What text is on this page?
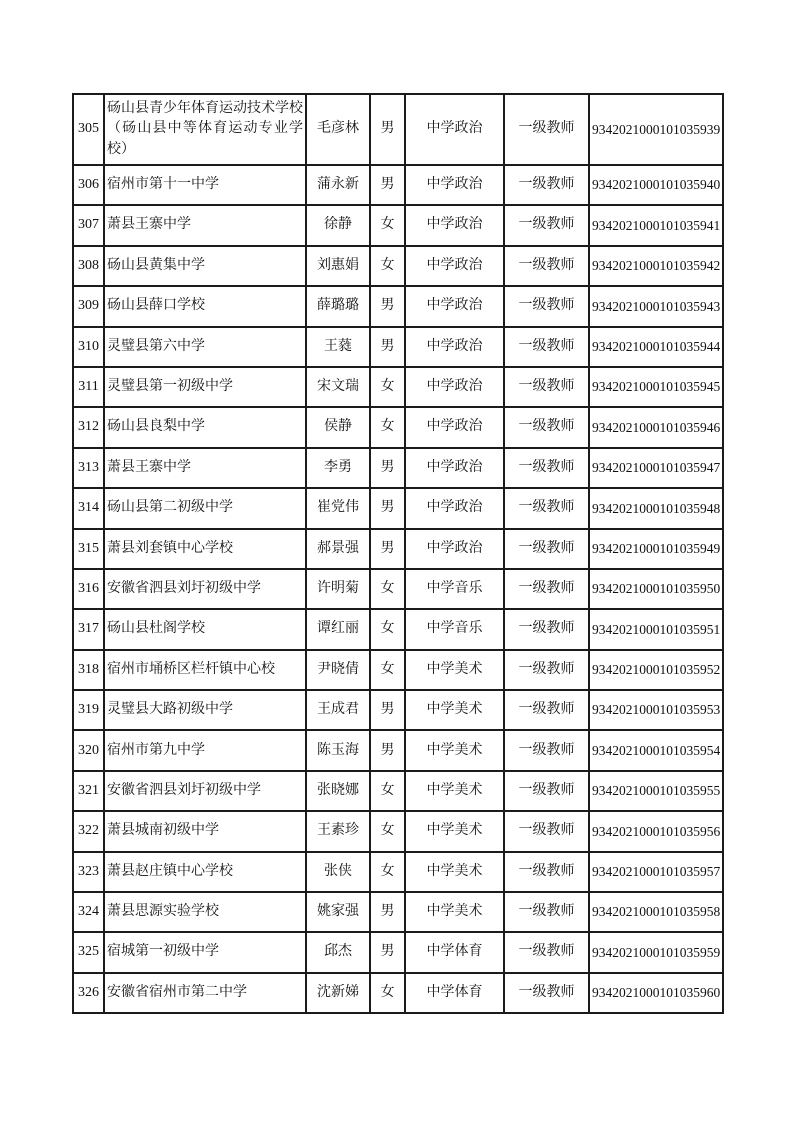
305	砀山县青少年体育运动技术学校（砀山县中等体育运动专业学校）	毛彦林	男	中学政治	一级教师	9342021000101035939
306	宿州市第十一中学	蒲永新	男	中学政治	一级教师	9342021000101035940
307	萧县王寨中学	徐静	女	中学政治	一级教师	9342021000101035941
308	砀山县黄集中学	刘惠娟	女	中学政治	一级教师	9342021000101035942
309	砀山县薛口学校	薛璐璐	男	中学政治	一级教师	9342021000101035943
310	灵璧县第六中学	王蕤	男	中学政治	一级教师	9342021000101035944
311	灵璧县第一初级中学	宋文瑞	女	中学政治	一级教师	9342021000101035945
312	砀山县良梨中学	侯静	女	中学政治	一级教师	9342021000101035946
313	萧县王寨中学	李勇	男	中学政治	一级教师	9342021000101035947
314	砀山县第二初级中学	崔党伟	男	中学政治	一级教师	9342021000101035948
315	萧县刘套镇中心学校	郝景强	男	中学政治	一级教师	9342021000101035949
316	安徽省泗县刘圩初级中学	许明菊	女	中学音乐	一级教师	9342021000101035950
317	砀山县杜阁学校	谭红丽	女	中学音乐	一级教师	9342021000101035951
318	宿州市埇桥区栏杆镇中心校	尹晓倩	女	中学美术	一级教师	9342021000101035952
319	灵璧县大路初级中学	王成君	男	中学美术	一级教师	9342021000101035953
320	宿州市第九中学	陈玉海	男	中学美术	一级教师	9342021000101035954
321	安徽省泗县刘圩初级中学	张晓娜	女	中学美术	一级教师	9342021000101035955
322	萧县城南初级中学	王素珍	女	中学美术	一级教师	9342021000101035956
323	萧县赵庄镇中心学校	张侠	女	中学美术	一级教师	9342021000101035957
324	萧县思源实验学校	姚家强	男	中学美术	一级教师	9342021000101035958
325	宿城第一初级中学	邱杰	男	中学体育	一级教师	9342021000101035959
326	安徽省宿州市第二中学	沈新娣	女	中学体育	一级教师	9342021000101035960
